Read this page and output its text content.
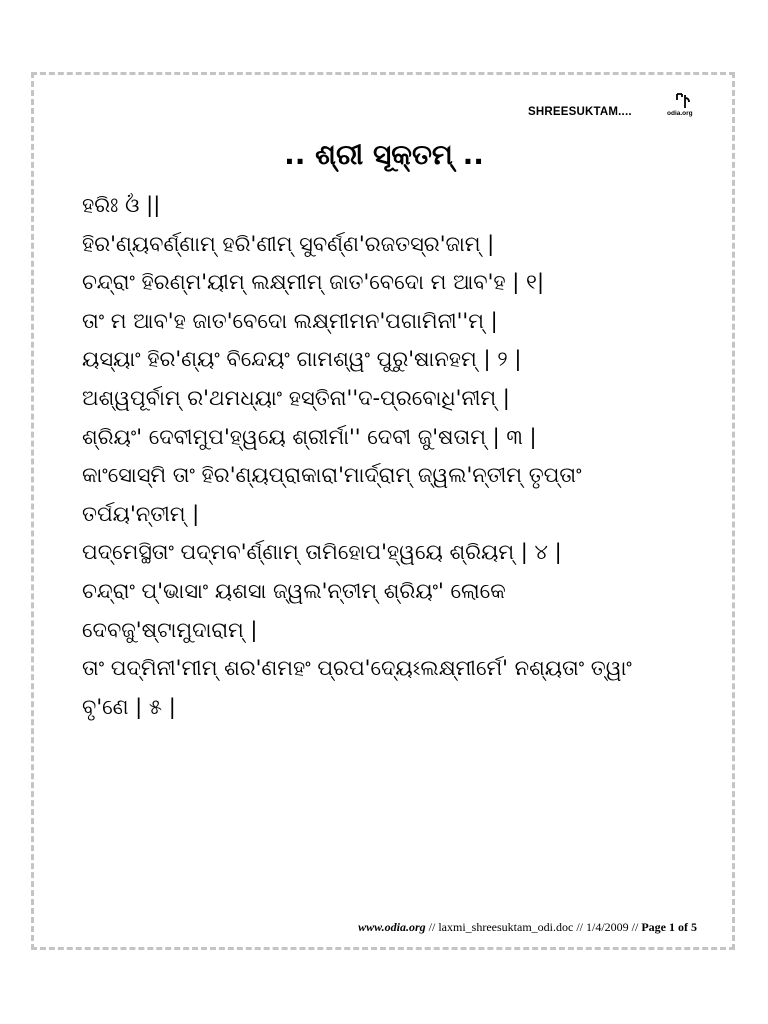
SHREESUKTAM....	odia.org
.. ଶ୍ରୀ ସୂକ୍ତମ୍ ..
ହରିଃ ଓଁ ||
ହିର'ଣ୍ୟବର୍ଣ୍ଣାମ୍ ହରି'ଣୀମ୍ ସୁବର୍ଣ୍ଣ'ରଜତସ୍ର'ଜାମ୍ |
ଚନ୍ଦ୍ରାଂ ହିରଣ୍ମ'ୟୀମ୍ ଲକ୍ଷ୍ମୀମ୍ ଜାତ'ବେଦୋ ମ ଆବ'ହ | ୧|
ତାଂ ମ ଆବ'ହ ଜାତ'ବେଦୋ ଲକ୍ଷ୍ମୀମନ'ପଗାମିନୀ''ମ୍ |
ୟସ୍ୟାଂ ହିର'ଣ୍ୟଂ ବିନ୍ଦେୟଂ ଗାମଶ୍ୱଂ ପୁରୁ'ଷାନହମ୍ | ୨ |
ଅଶ୍ୱପୂର୍ବାମ୍ ର'ଥମଧ୍ୟାଂ ହସ୍ତିନା''ଦ-ପ୍ରବୋଧି'ନୀମ୍ |
ଶ୍ରିୟଂ' ଦେବୀମୁପ'ହ୍ୱୟେ ଶ୍ରୀର୍ମା'' ଦେବୀ ଜୁ'ଷତାମ୍ | ୩ |
କାଂସୋସ୍ମି ତାଂ ହିର'ଣ୍ୟପ୍ରାକାରା'ମାର୍ଦ୍ରାମ୍ ଜ୍ୱଲ'ନ୍ତୀମ୍ ତୃପ୍ତାଂ
ତର୍ପୟ'ନ୍ତୀମ୍ |
ପଦ୍ମେସ୍ଥିତାଂ ପଦ୍ମବ'ର୍ଣ୍ଣାମ୍ ତାମିହୋପ'ହ୍ୱୟେ ଶ୍ରିୟମ୍ | ୪ |
ଚନ୍ଦ୍ରାଂ ପ୍'ଭାସାଂ ୟଶସା ଜ୍ୱଲ'ନ୍ତୀମ୍ ଶ୍ରିୟଂ' ଲୋକେ
ଦେବଜୁ'ଷ୍ଟାମୁଦାରାମ୍ |
ତାଂ ପଦ୍ମିନୀ'ମୀମ୍ ଶର'ଣମହଂ ପ୍ରପ'ଦ୍ୟେଽଲକ୍ଷ୍ମୀର୍ମେ' ନଶ୍ୟତାଂ ତ୍ୱାଂ
ବୃ'ଣେ | ୫ |
www.odia.org // laxmi_shreesuktam_odi.doc // 1/4/2009 // Page 1 of 5
